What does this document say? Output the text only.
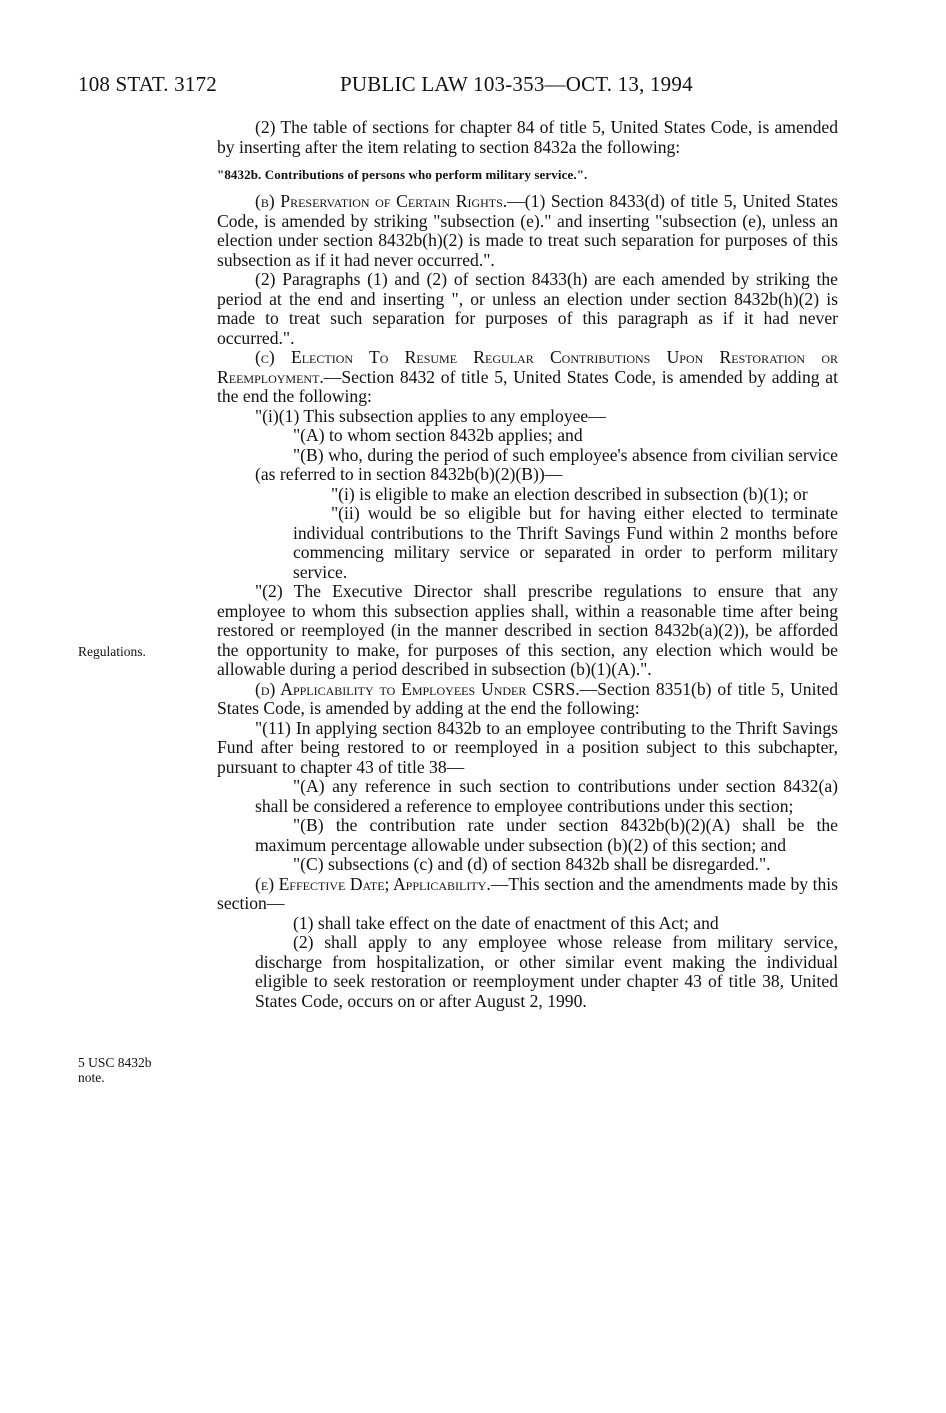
108 STAT. 3172	PUBLIC LAW 103-353—OCT. 13, 1994
Regulations.
5 USC 8432b
note.

(2) The table of sections for chapter 84 of title 5, United States Code, is amended by inserting after the item relating to section 8432a the following:

"8432b. Contributions of persons who perform military service.".

(b) Preservation of Certain Rights.—(1) Section 8433(d) of title 5, United States Code, is amended by striking "subsection (e)." and inserting "subsection (e), unless an election under section 8432b(h)(2) is made to treat such separation for purposes of this subsection as if it had never occurred.".

(2) Paragraphs (1) and (2) of section 8433(h) are each amended by striking the period at the end and inserting ", or unless an election under section 8432b(h)(2) is made to treat such separation for purposes of this paragraph as if it had never occurred.".

(c) Election To Resume Regular Contributions Upon Restoration or Reemployment.—Section 8432 of title 5, United States Code, is amended by adding at the end the following:

"(i)(1) This subsection applies to any employee—

"(A) to whom section 8432b applies; and

"(B) who, during the period of such employee's absence from civilian service (as referred to in section 8432b(b)(2)(B))—

"(i) is eligible to make an election described in subsection (b)(1); or

"(ii) would be so eligible but for having either elected to terminate individual contributions to the Thrift Savings Fund within 2 months before commencing military service or separated in order to perform military service.

"(2) The Executive Director shall prescribe regulations to ensure that any employee to whom this subsection applies shall, within a reasonable time after being restored or reemployed (in the manner described in section 8432b(a)(2)), be afforded the opportunity to make, for purposes of this section, any election which would be allowable during a period described in subsection (b)(1)(A).".

(d) Applicability to Employees Under CSRS.—Section 8351(b) of title 5, United States Code, is amended by adding at the end the following:

"(11) In applying section 8432b to an employee contributing to the Thrift Savings Fund after being restored to or reemployed in a position subject to this subchapter, pursuant to chapter 43 of title 38—

"(A) any reference in such section to contributions under section 8432(a) shall be considered a reference to employee contributions under this section;

"(B) the contribution rate under section 8432b(b)(2)(A) shall be the maximum percentage allowable under subsection (b)(2) of this section; and

"(C) subsections (c) and (d) of section 8432b shall be disregarded.".

(e) Effective Date; Applicability.—This section and the amendments made by this section—

(1) shall take effect on the date of enactment of this Act; and

(2) shall apply to any employee whose release from military service, discharge from hospitalization, or other similar event making the individual eligible to seek restoration or reemployment under chapter 43 of title 38, United States Code, occurs on or after August 2, 1990.
